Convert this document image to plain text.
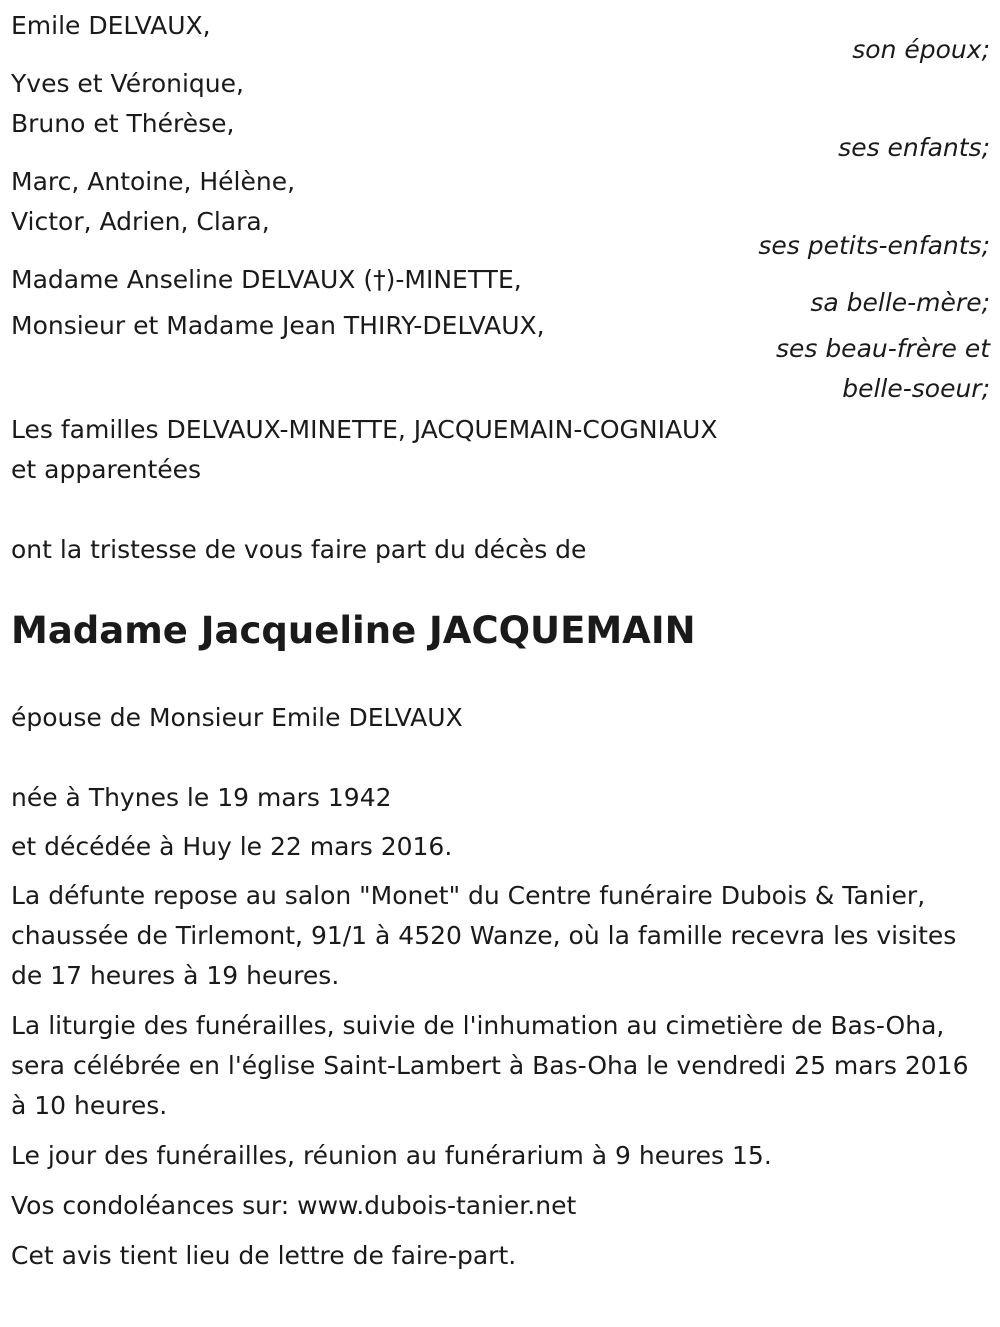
Emile DELVAUX,
son époux;
Yves et Véronique,
Bruno et Thérèse,
ses enfants;
Marc, Antoine, Hélène,
Victor, Adrien, Clara,
ses petits-enfants;
Madame Anseline DELVAUX (†)-MINETTE,
sa belle-mère;
Monsieur et Madame Jean THIRY-DELVAUX,
ses beau-frère et
belle-soeur;
Les familles DELVAUX-MINETTE, JACQUEMAIN-COGNIAUX
et apparentées
ont la tristesse de vous faire part du décès de
Madame Jacqueline JACQUEMAIN
épouse de Monsieur Emile DELVAUX
née à Thynes le 19 mars 1942
et décédée à Huy le 22 mars 2016.
La défunte repose au salon "Monet" du Centre funéraire Dubois & Tanier, chaussée de Tirlemont, 91/1 à 4520 Wanze, où la famille recevra les visites de 17 heures à 19 heures.
La liturgie des funérailles, suivie de l'inhumation au cimetière de Bas-Oha, sera célébrée en l'église Saint-Lambert à Bas-Oha le vendredi 25 mars 2016 à 10 heures.
Le jour des funérailles, réunion au funérarium à 9 heures 15.
Vos condoléances sur: www.dubois-tanier.net
Cet avis tient lieu de lettre de faire-part.
